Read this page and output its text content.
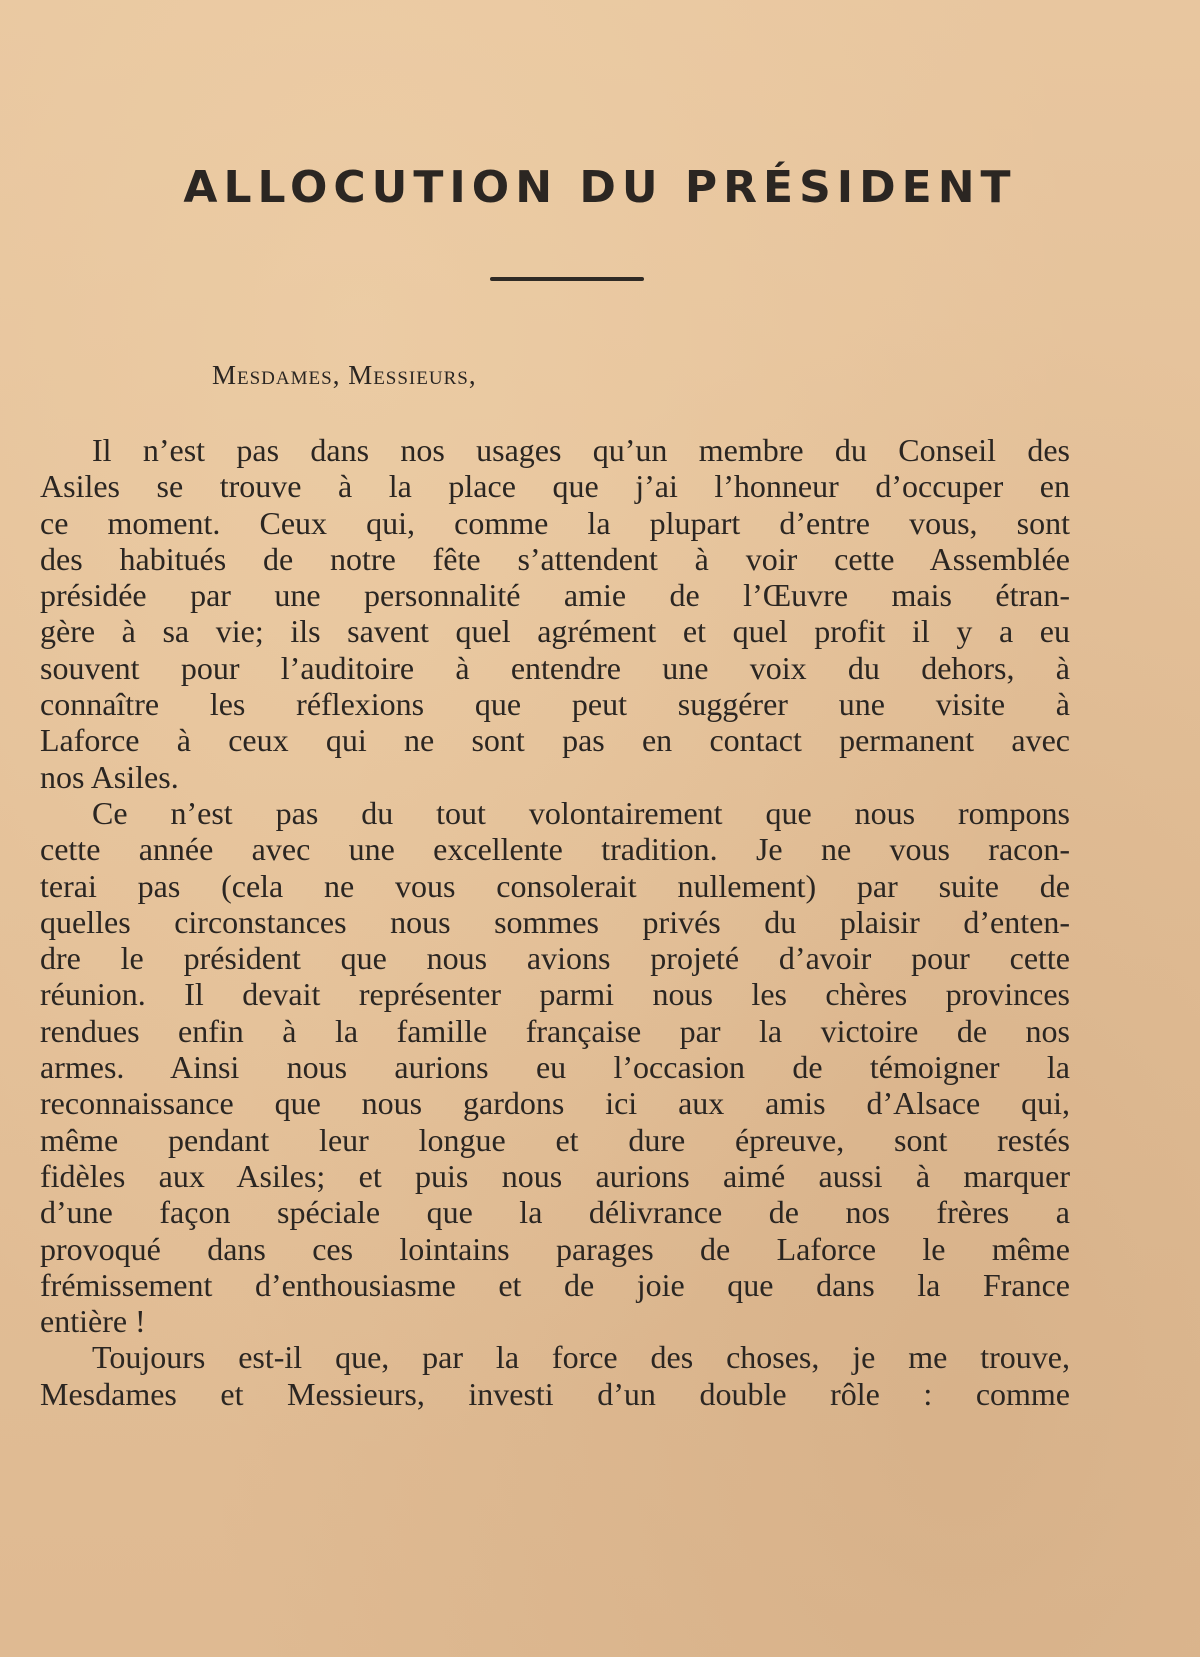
ALLOCUTION DU PRÉSIDENT

Mesdames, Messieurs,

Il n’est pas dans nos usages qu’un membre du Conseil des
Asiles se trouve à la place que j’ai l’honneur d’occuper en
ce moment. Ceux qui, comme la plupart d’entre vous, sont
des habitués de notre fête s’attendent à voir cette Assemblée
présidée par une personnalité amie de l’Œuvre mais étran-
gère à sa vie; ils savent quel agrément et quel profit il y a eu
souvent pour l’auditoire à entendre une voix du dehors, à
connaître les réflexions que peut suggérer une visite à
Laforce à ceux qui ne sont pas en contact permanent avec
nos Asiles.

Ce n’est pas du tout volontairement que nous rompons
cette année avec une excellente tradition. Je ne vous racon-
terai pas (cela ne vous consolerait nullement) par suite de
quelles circonstances nous sommes privés du plaisir d’enten-
dre le président que nous avions projeté d’avoir pour cette
réunion. Il devait représenter parmi nous les chères provinces
rendues enfin à la famille française par la victoire de nos
armes. Ainsi nous aurions eu l’occasion de témoigner la
reconnaissance que nous gardons ici aux amis d’Alsace qui,
même pendant leur longue et dure épreuve, sont restés
fidèles aux Asiles; et puis nous aurions aimé aussi à marquer
d’une façon spéciale que la délivrance de nos frères a
provoqué dans ces lointains parages de Laforce le même
frémissement d’enthousiasme et de joie que dans la France
entière !

Toujours est-il que, par la force des choses, je me trouve,
Mesdames et Messieurs, investi d’un double rôle : comme
